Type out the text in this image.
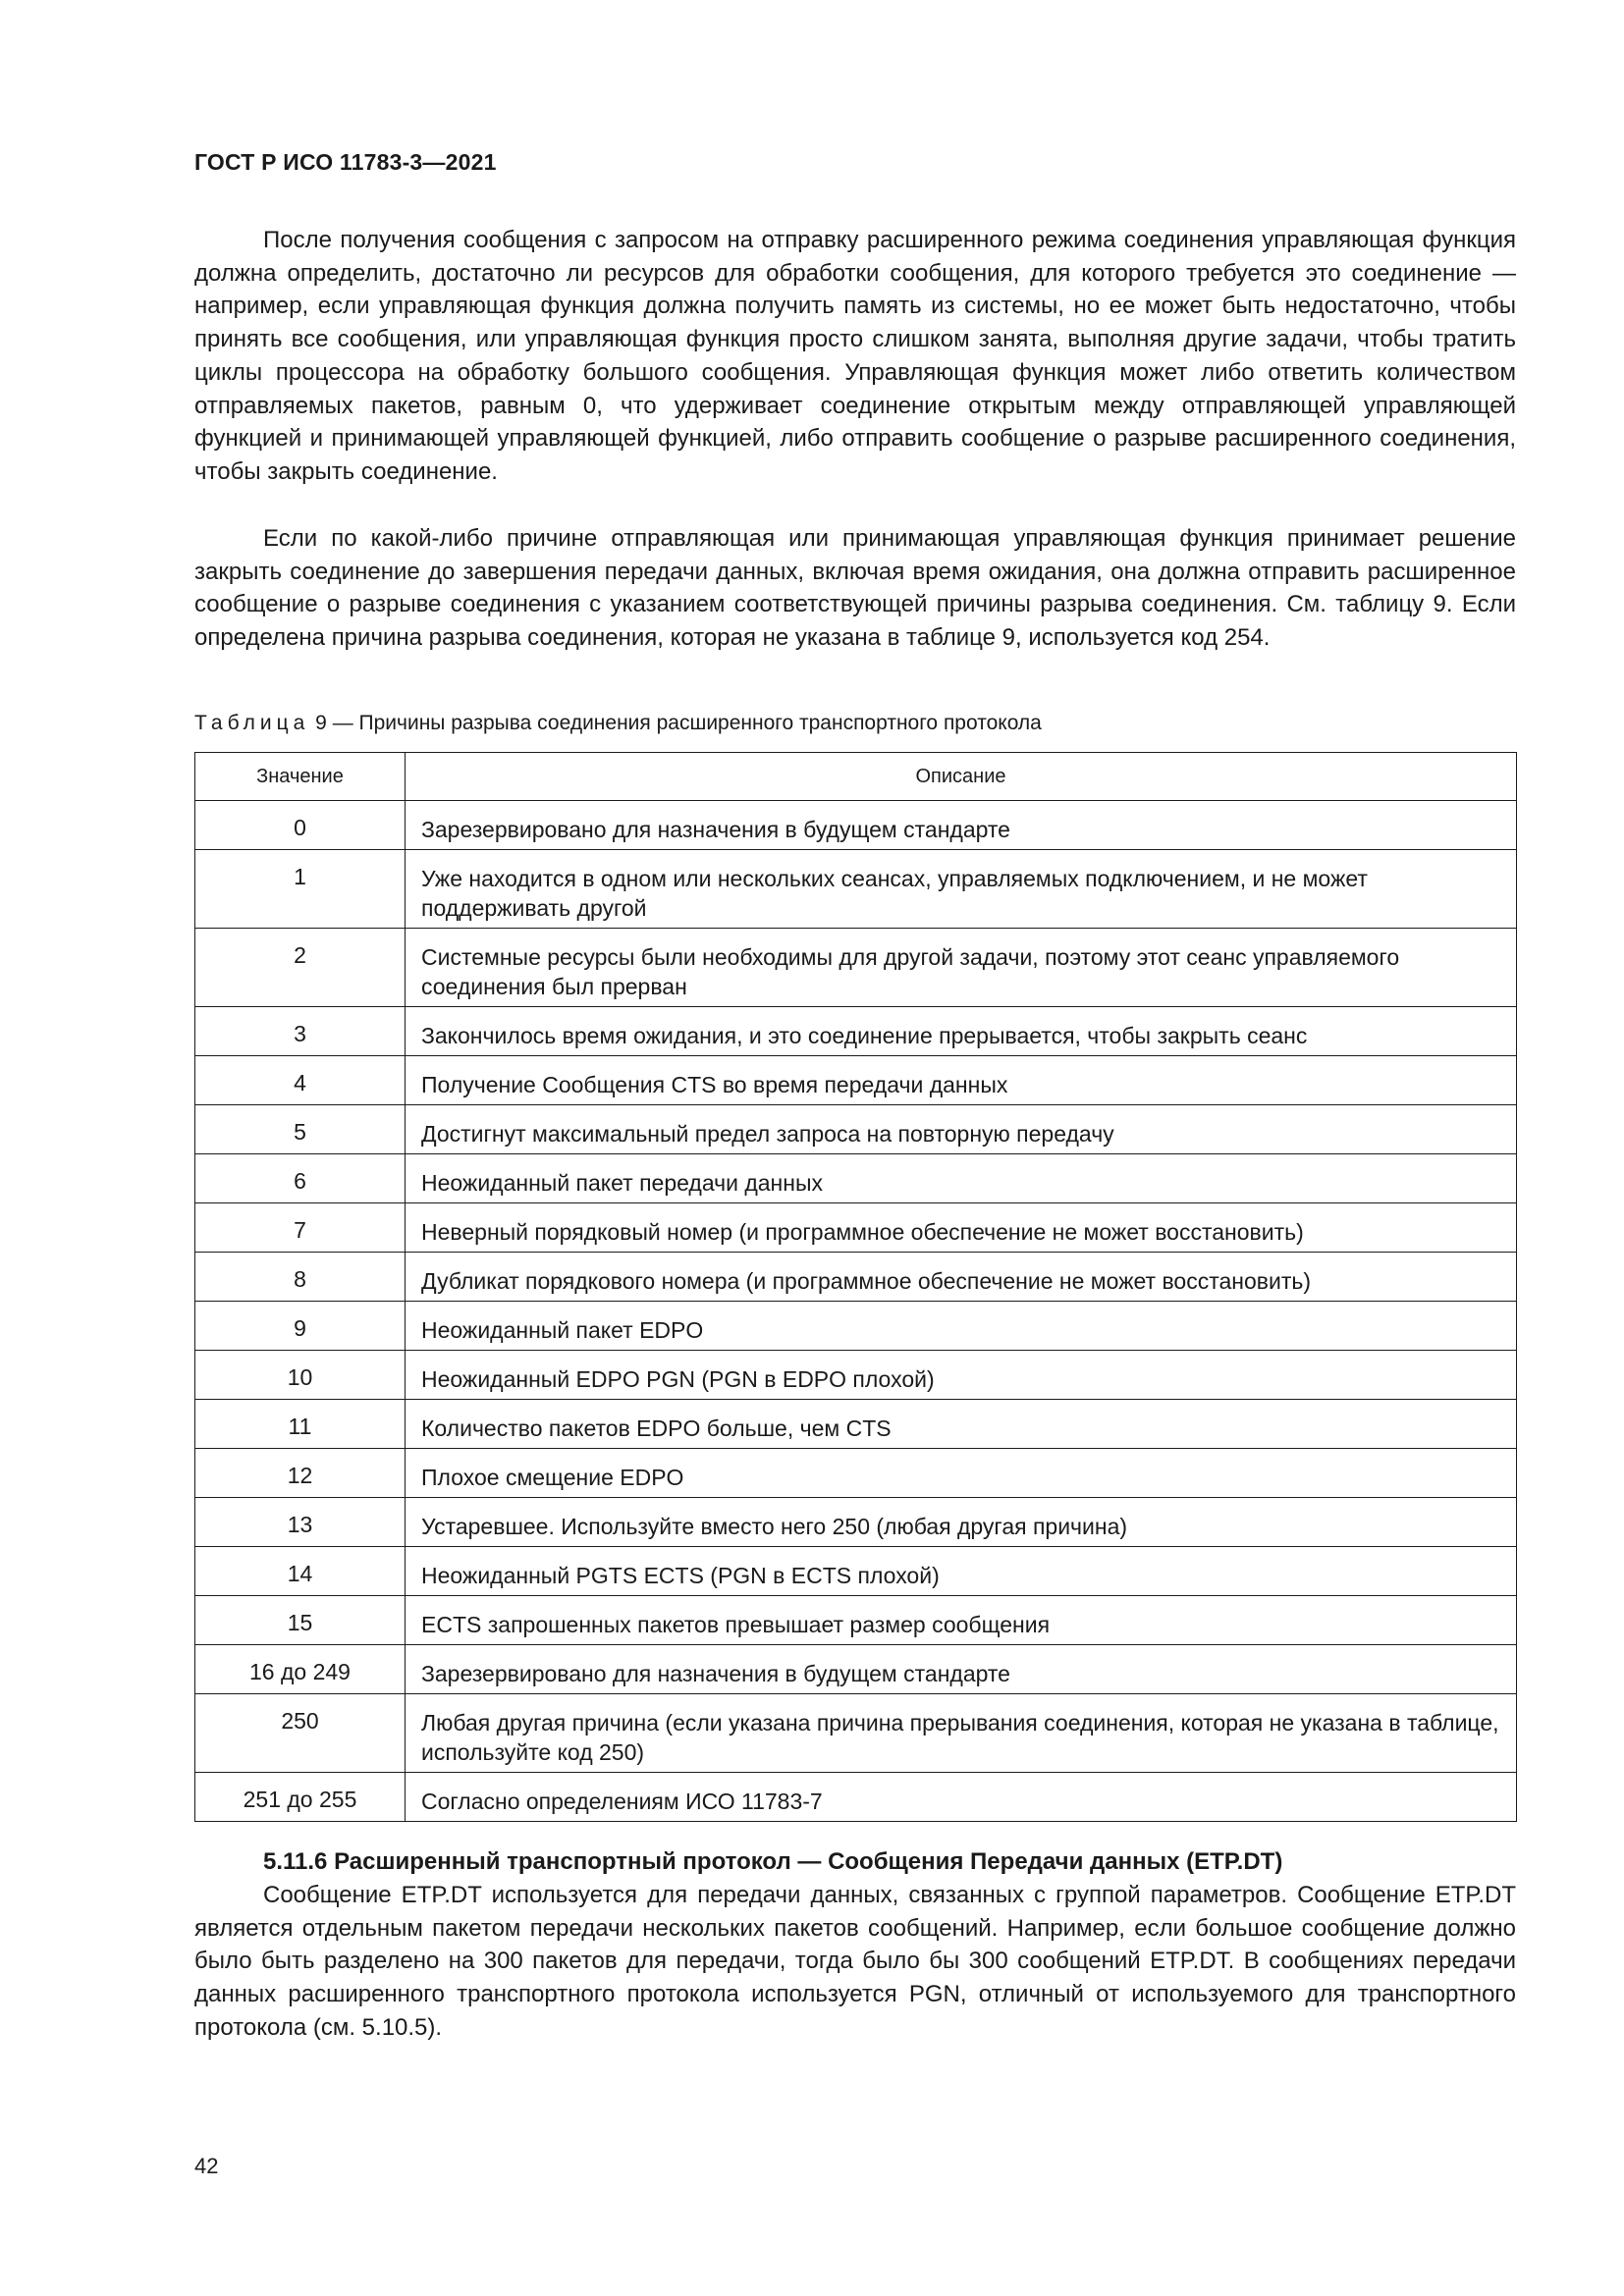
ГОСТ Р ИСО 11783-3—2021

После получения сообщения с запросом на отправку расширенного режима соединения управляющая функция должна определить, достаточно ли ресурсов для обработки сообщения, для которого требуется это соединение — например, если управляющая функция должна получить память из системы, но ее может быть недостаточно, чтобы принять все сообщения, или управляющая функция просто слишком занята, выполняя другие задачи, чтобы тратить циклы процессора на обработку большого сообщения. Управляющая функция может либо ответить количеством отправляемых пакетов, равным 0, что удерживает соединение открытым между отправляющей управляющей функцией и принимающей управляющей функцией, либо отправить сообщение о разрыве расширенного соединения, чтобы закрыть соединение.

Если по какой-либо причине отправляющая или принимающая управляющая функция принимает решение закрыть соединение до завершения передачи данных, включая время ожидания, она должна отправить расширенное сообщение о разрыве соединения с указанием соответствующей причины разрыва соединения. См. таблицу 9. Если определена причина разрыва соединения, которая не указана в таблице 9, используется код 254.

Таблица 9 — Причины разрыва соединения расширенного транспортного протокола
Значение	Описание
0	Зарезервировано для назначения в будущем стандарте
1	Уже находится в одном или нескольких сеансах, управляемых подключением, и не может поддерживать другой
2	Системные ресурсы были необходимы для другой задачи, поэтому этот сеанс управляемого соединения был прерван
3	Закончилось время ожидания, и это соединение прерывается, чтобы закрыть сеанс
4	Получение Сообщения CTS во время передачи данных
5	Достигнут максимальный предел запроса на повторную передачу
6	Неожиданный пакет передачи данных
7	Неверный порядковый номер (и программное обеспечение не может восстановить)
8	Дубликат порядкового номера (и программное обеспечение не может восстановить)
9	Неожиданный пакет EDPO
10	Неожиданный EDPO PGN (PGN в EDPO плохой)
11	Количество пакетов EDPO больше, чем CTS
12	Плохое смещение EDPO
13	Устаревшее. Используйте вместо него 250 (любая другая причина)
14	Неожиданный PGTS ECTS (PGN в ECTS плохой)
15	ECTS запрошенных пакетов превышает размер сообщения
16 до 249	Зарезервировано для назначения в будущем стандарте
250	Любая другая причина (если указана причина прерывания соединения, которая не указана в таблице, используйте код 250)
251 до 255	Согласно определениям ИСО 11783-7

5.11.6 Расширенный транспортный протокол — Сообщения Передачи данных (ETP.DT)

Сообщение ETP.DT используется для передачи данных, связанных с группой параметров. Сообщение ETP.DT является отдельным пакетом передачи нескольких пакетов сообщений. Например, если большое сообщение должно было быть разделено на 300 пакетов для передачи, тогда было бы 300 сообщений ETP.DT. В сообщениях передачи данных расширенного транспортного протокола используется PGN, отличный от используемого для транспортного протокола (см. 5.10.5).

42
